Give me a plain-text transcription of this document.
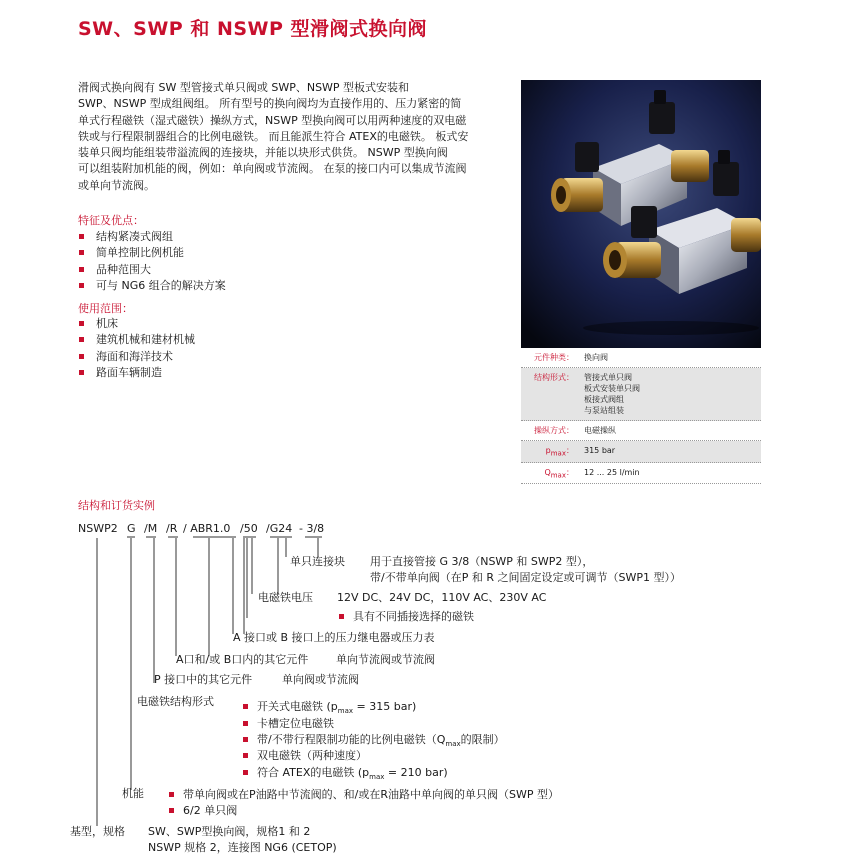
SW、SWP 和 NSWP 型滑阀式换向阀

滑阀式换向阀有 SW 型管接式单只阀或 SWP、NSWP 型板式安装和

SWP、NSWP 型成组阀组。 所有型号的换向阀均为直接作用的、压力紧密的简

单式行程磁铁（湿式磁铁）操纵方式，NSWP 型换向阀可以用两种速度的双电磁

铁或与行程限制器组合的比例电磁铁。 而且能派生符合 ATEX的电磁铁。 板式安

装单只阀均能组装带溢流阀的连接块，并能以块形式供货。 NSWP 型换向阀

可以组装附加机能的阀，例如：单向阀或节流阀。 在泵的接口内可以集成节流阀

或单向节流阀。

特征及优点：
结构紧凑式阀组
简单控制比例机能
品种范围大
可与 NG6 组合的解决方案
使用范围：
机床
建筑机械和建材机械
海面和海洋技术
路面车辆制造
元件种类：	换向阀
结构形式：	管接式单只阀
板式安装单只阀
板接式阀组
与泵站组装
操纵方式：	电磁操纵
$p_{max}$：	315 bar
$Q_{max}$：	12 ... 25 l/min
结构和订货实例
NSWP2 G /M /R / ABR1.0 /50 /G24 - 3/8
单只连接块 用于直接管接 G 3/8（NSWP 和 SWP2 型），
带/不带单向阀（在P 和 R 之间固定设定或可调节（SWP1 型））
电磁铁电压 12V DC、24V DC，110V AC、230V AC
具有不同插接选择的磁铁
A 接口或 B 接口上的压力继电器或压力表
A口和/或 B口内的其它元件	单向节流阀或节流阀
P 接口中的其它元件	单向阀或节流阀
电磁铁结构形式	开关式电磁铁 ($p_{max} = 315$ bar)
卡槽定位电磁铁
带/不带行程限制功能的比例电磁铁（$Q_{max}$的限制）
双电磁铁（两种速度）
符合 ATEX的电磁铁 ($p_{max} = 210$ bar)
机能	带单向阀或在P油路中节流阀的、和/或在R油路中单向阀的单只阀（SWP 型）
6/2 单只阀
基型，规格 SW、SWP型换向阀，规格1 和 2
NSWP 规格 2，连接图 NG6 (CETOP)
